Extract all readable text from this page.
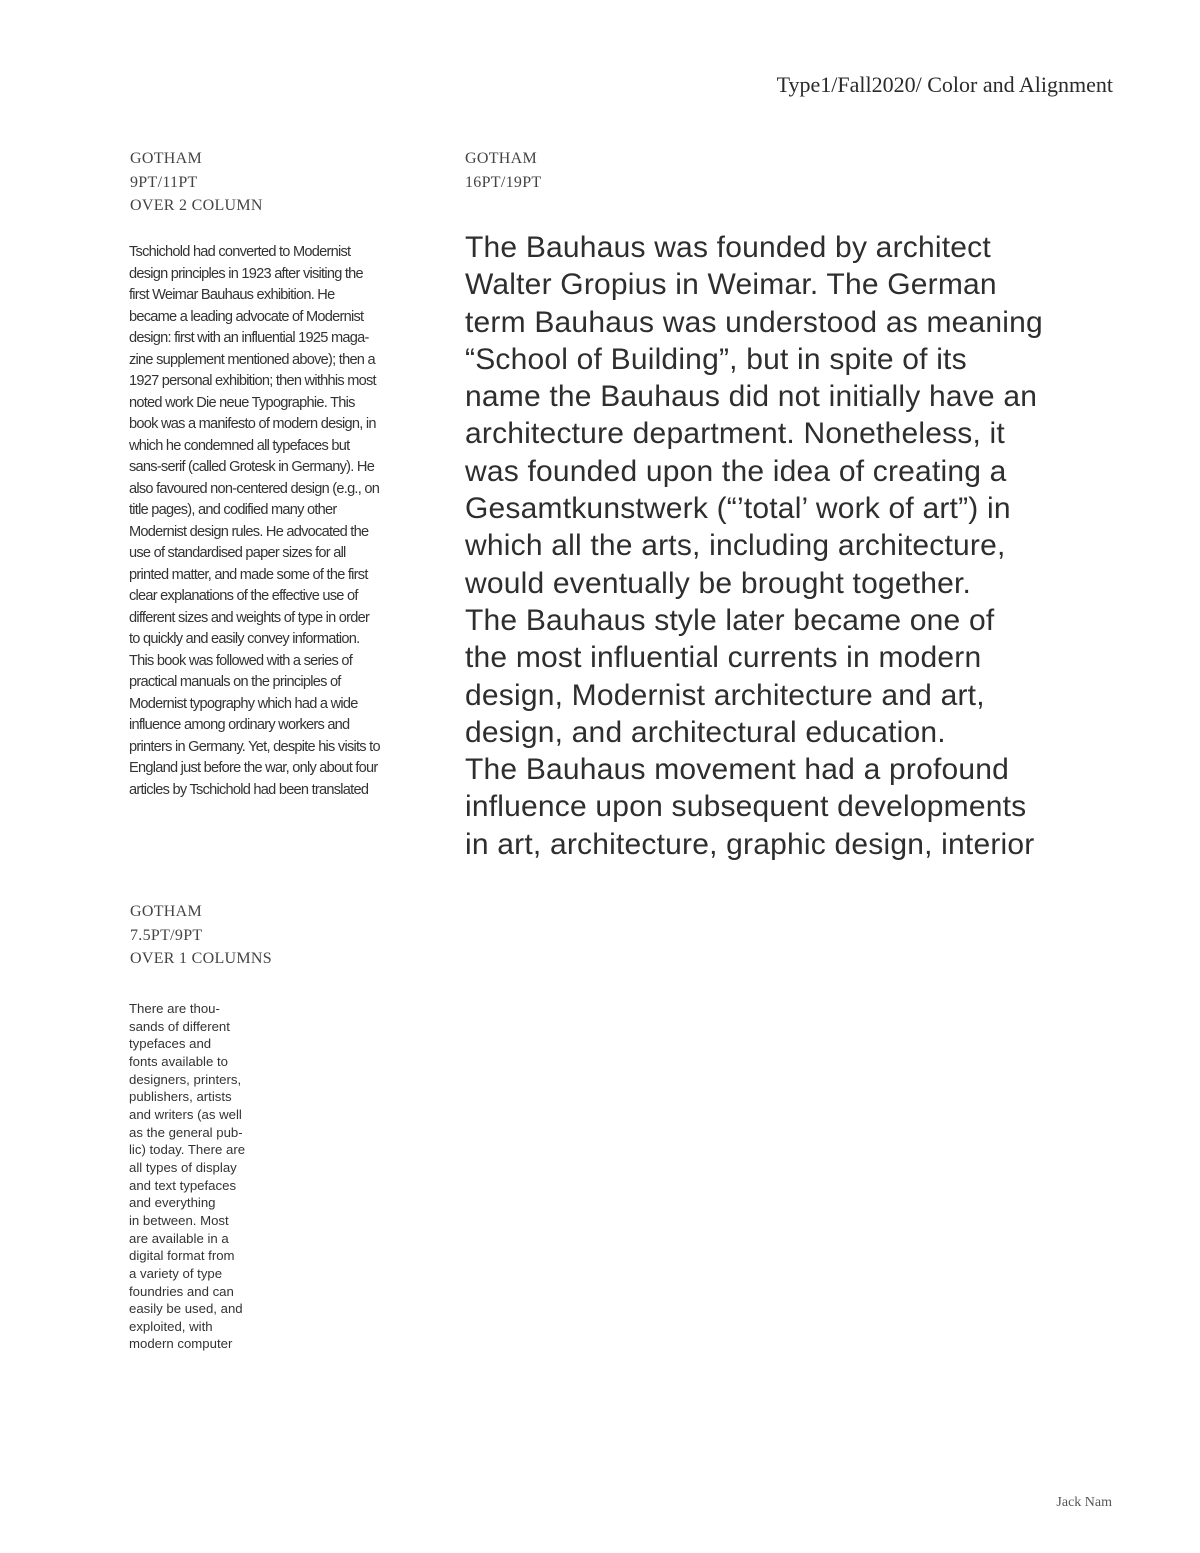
Type1/Fall2020/ Color and Alignment
GOTHAM
9PT/11PT
OVER 2 COLUMN
Tschichold had converted to Modernist
design principles in 1923 after visiting the
first Weimar Bauhaus exhibition. He
became a leading advocate of Modernist
design: first with an influential 1925 maga-
zine supplement mentioned above); then a
1927 personal exhibition; then withhis most
noted work Die neue Typographie. This
book was a manifesto of modern design, in
which he condemned all typefaces but
sans-serif (called Grotesk in Germany). He
also favoured non-centered design (e.g., on
title pages), and codified many other
Modernist design rules. He advocated the
use of standardised paper sizes for all
printed matter, and made some of the first
clear explanations of the effective use of
different sizes and weights of type in order
to quickly and easily convey information.
This book was followed with a series of
practical manuals on the principles of
Modernist typography which had a wide
influence among ordinary workers and
printers in Germany. Yet, despite his visits to
England just before the war, only about four
articles by Tschichold had been translated
GOTHAM
16PT/19PT
The Bauhaus was founded by architect
Walter Gropius in Weimar. The German
term Bauhaus was understood as meaning
“School of Building”, but in spite of its
name the Bauhaus did not initially have an
architecture department. Nonetheless, it
was founded upon the idea of creating a
Gesamtkunstwerk (“’total’ work of art”) in
which all the arts, including architecture,
would eventually be brought together.
The Bauhaus style later became one of
the most influential currents in modern
design, Modernist architecture and art,
design, and architectural education.
The Bauhaus movement had a profound
influence upon subsequent developments
in art, architecture, graphic design, interior
GOTHAM
7.5PT/9PT
OVER 1 COLUMNS
There are thou-
sands of different
typefaces and
fonts available to
designers, printers,
publishers, artists
and writers (as well
as the general pub-
lic) today. There are
all types of display
and text typefaces
and everything
in between. Most
are available in a
digital format from
a variety of type
foundries and can
easily be used, and
exploited, with
modern computer
Jack Nam
